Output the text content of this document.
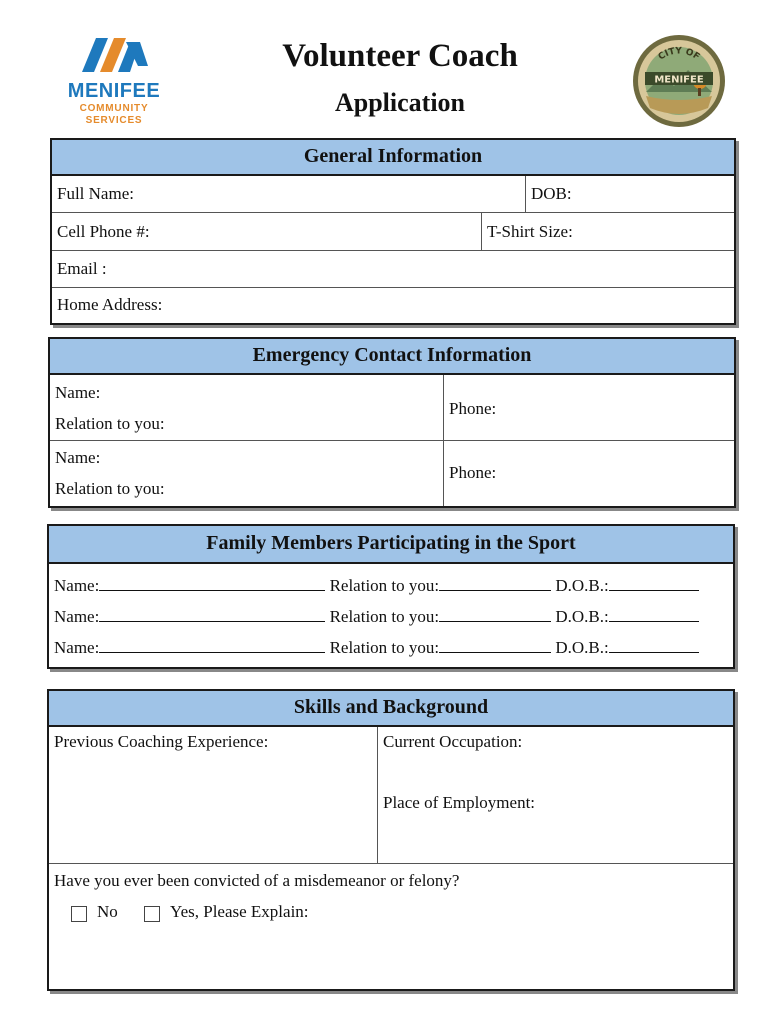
MENIFEE
COMMUNITY
SERVICES
Volunteer Coach
Application
CITY OF
MENIFEE
General Information
Full Name:	DOB:
Cell Phone #:	T-Shirt Size:
Email :
Home Address:
Emergency Contact Information
Name:
Relation to you:
Phone:
Name:
Relation to you:
Phone:
Family Members Participating in the Sport
Name:	Relation to you:	D.O.B.:
Name:	Relation to you:	D.O.B.:
Name:	Relation to you:	D.O.B.:
Skills and Background
Previous Coaching Experience:	Current Occupation:
Place of Employment:
Have you ever been convicted of a misdemeanor or felony?
No	Yes, Please Explain:
